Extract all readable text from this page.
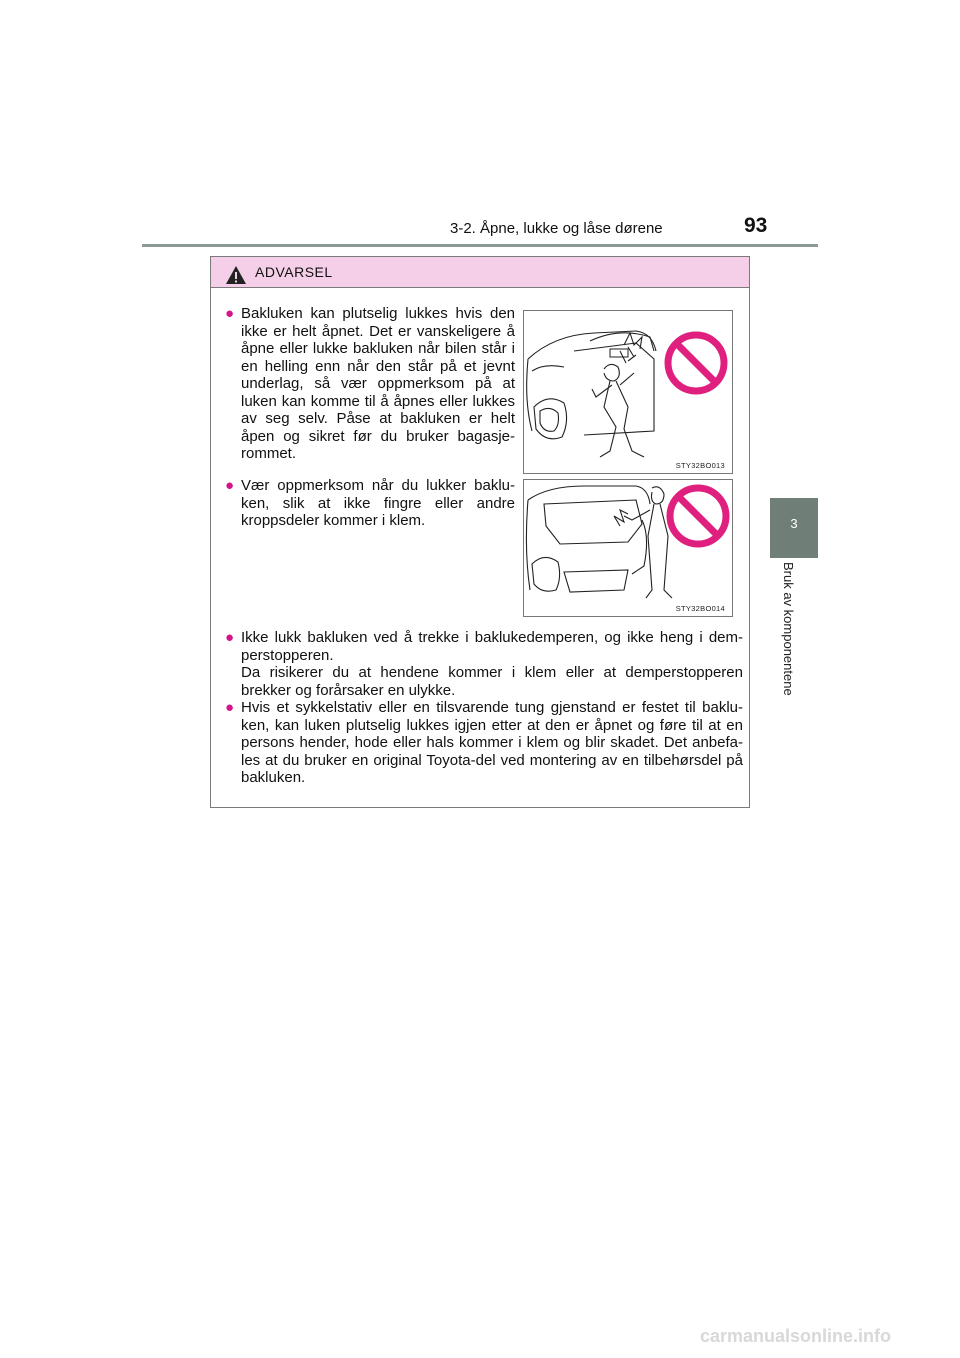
3-2. Åpne, lukke og låse dørene	93
3
Bruk av komponentene
ADVARSEL
● Bakluken kan plutselig lukkes hvis den ikke er helt åpnet. Det er vanskeligere å åpne eller lukke bakluken når bilen står i en helling enn når den står på et jevnt underlag, så vær oppmerksom på at luken kan komme til å åpnes eller lukkes av seg selv. Påse at bakluken er helt åpen og sikret før du bruker bagasje-rommet.

STY32BO013
● Vær oppmerksom når du lukker baklu-ken, slik at ikke fingre eller andre kroppsdeler kommer i klem.

STY32BO014
● Ikke lukk bakluken ved å trekke i baklukedemperen, og ikke heng i dem-perstopperen.

Da risikerer du at hendene kommer i klem eller at demperstopperen brekker og forårsaker en ulykke.

● Hvis et sykkelstativ eller en tilsvarende tung gjenstand er festet til baklu-ken, kan luken plutselig lukkes igjen etter at den er åpnet og føre til at en persons hender, hode eller hals kommer i klem og blir skadet. Det anbefa-les at du bruker en original Toyota-del ved montering av en tilbehørsdel på bakluken.

carmanualsonline.info
